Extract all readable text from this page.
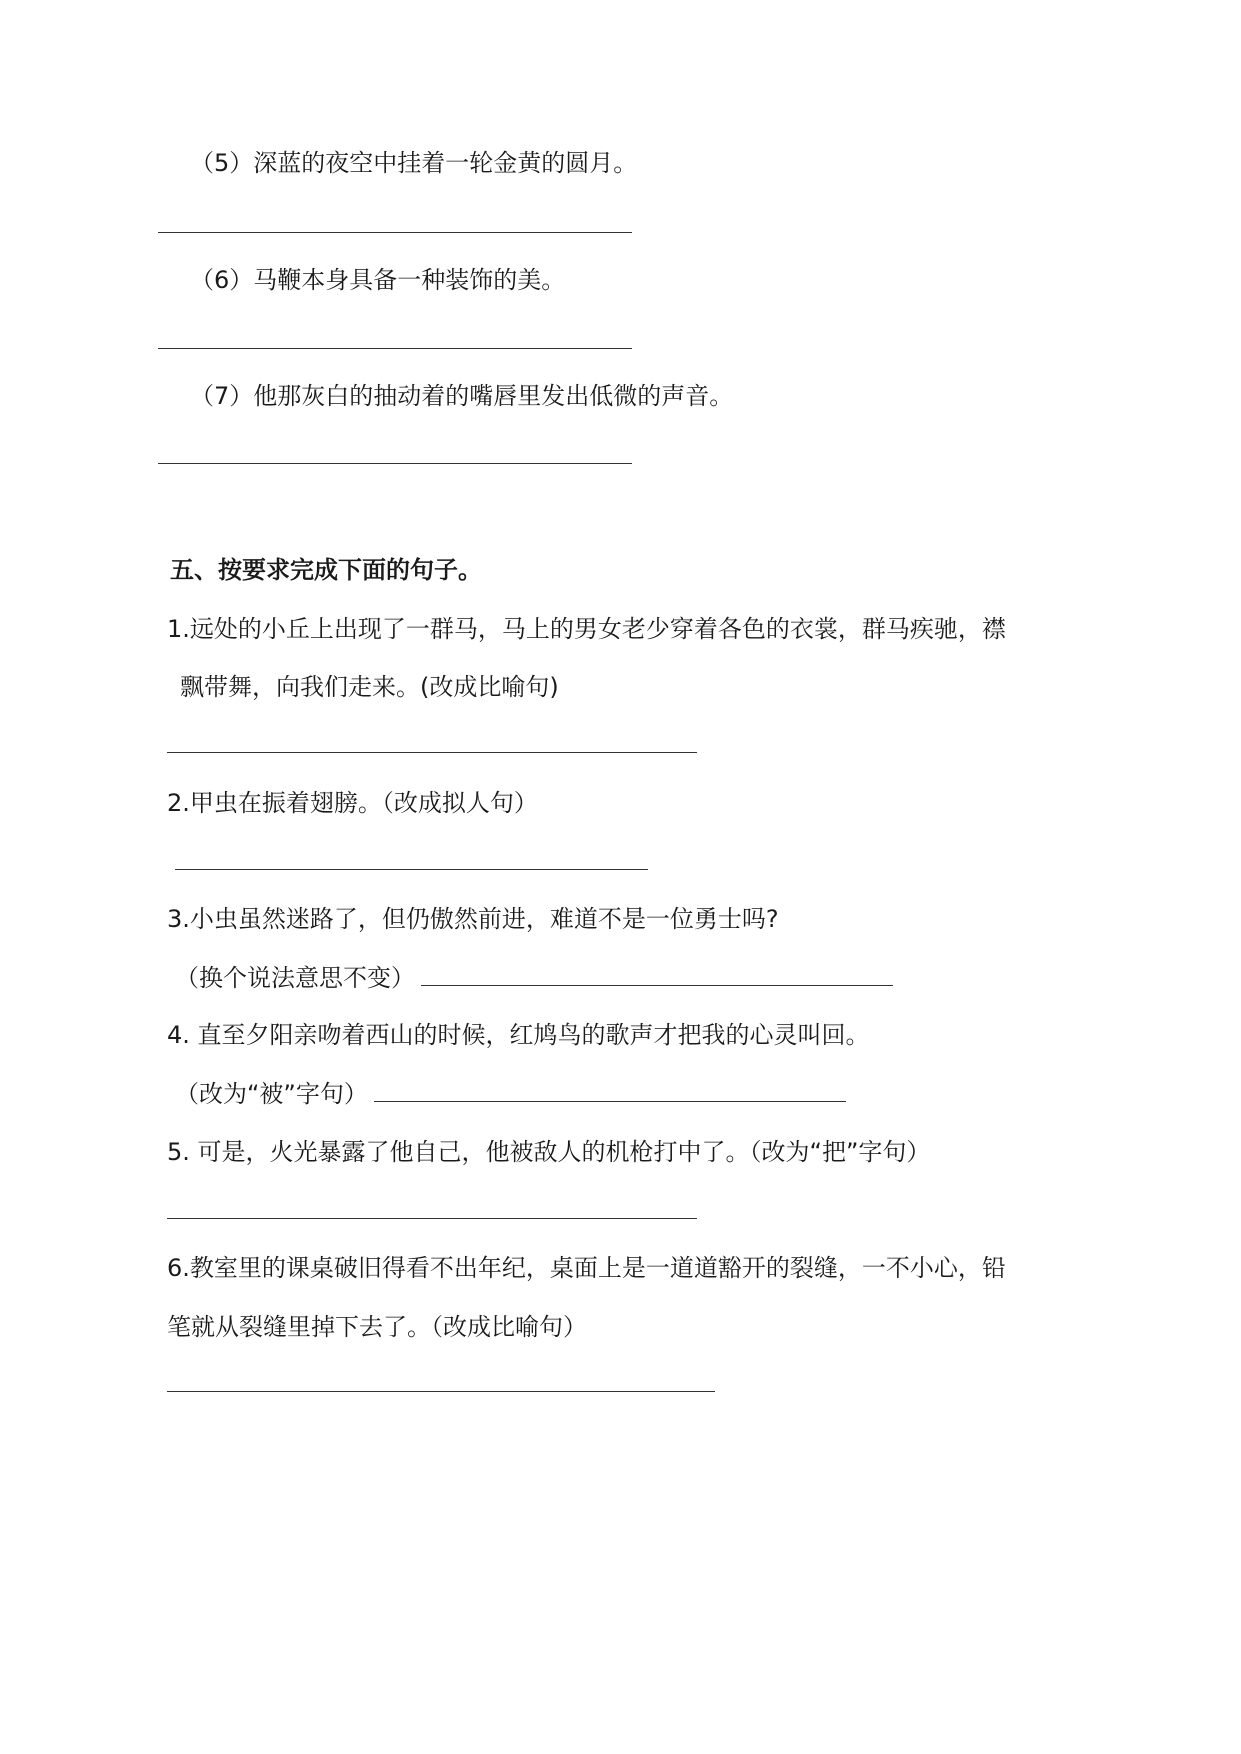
（5）深蓝的夜空中挂着一轮金黄的圆月。
（6）马鞭本身具备一种装饰的美。
（7）他那灰白的抽动着的嘴唇里发出低微的声音。
五、按要求完成下面的句子。
1.远处的小丘上出现了一群马，马上的男女老少穿着各色的衣裳，群马疾驰，襟
飘带舞，向我们走来。(改成比喻句)
2.甲虫在振着翅膀。（改成拟人句）
3.小虫虽然迷路了，但仍傲然前进，难道不是一位勇士吗?
（换个说法意思不变）
4. 直至夕阳亲吻着西山的时候，红鸠鸟的歌声才把我的心灵叫回。
（改为“被”字句）
5. 可是，火光暴露了他自己，他被敌人的机枪打中了。（改为“把”字句）
6.教室里的课桌破旧得看不出年纪，桌面上是一道道豁开的裂缝，一不小心，铅
笔就从裂缝里掉下去了。（改成比喻句）
